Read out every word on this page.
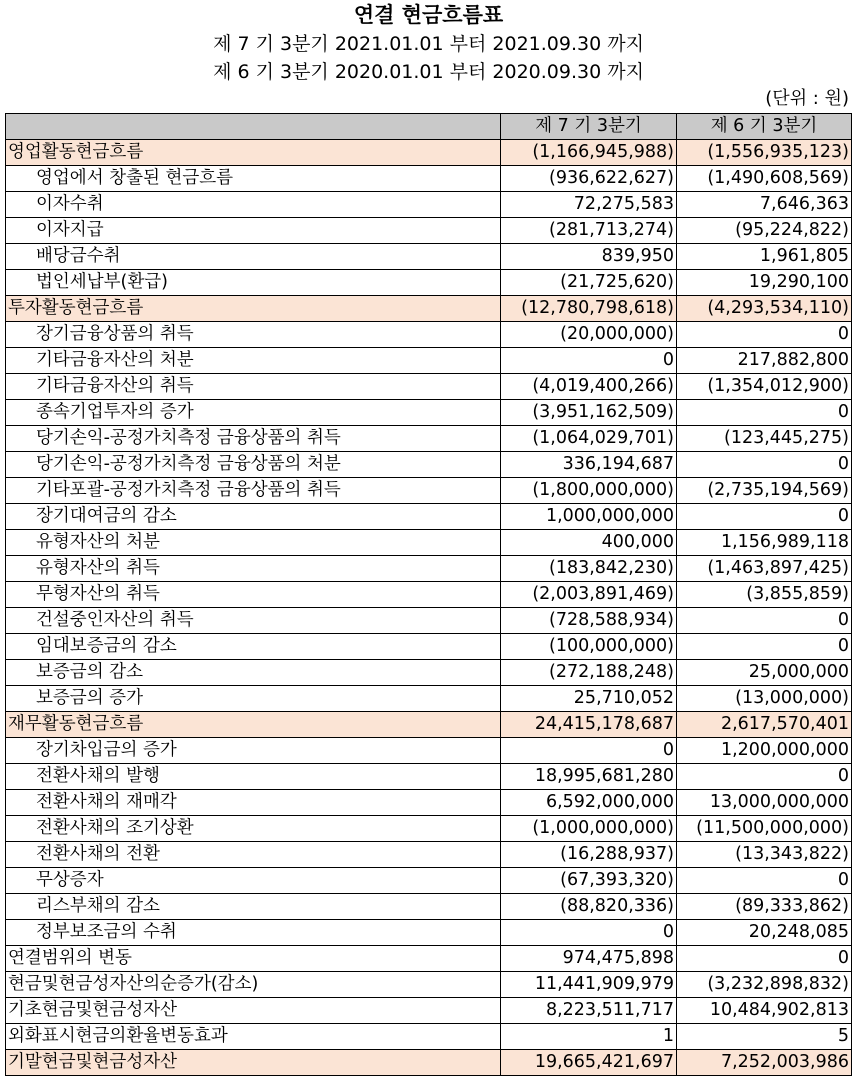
연결 현금흐름표
제 7 기 3분기 2021.01.01 부터 2021.09.30 까지
제 6 기 3분기 2020.01.01 부터 2020.09.30 까지
(단위 : 원)
	제 7 기 3분기	제 6 기 3분기
영업활동현금흐름	(1,166,945,988)	(1,556,935,123)
영업에서 창출된 현금흐름	(936,622,627)	(1,490,608,569)
이자수취	72,275,583	7,646,363
이자지급	(281,713,274)	(95,224,822)
배당금수취	839,950	1,961,805
법인세납부(환급)	(21,725,620)	19,290,100
투자활동현금흐름	(12,780,798,618)	(4,293,534,110)
장기금융상품의 취득	(20,000,000)	0
기타금융자산의 처분	0	217,882,800
기타금융자산의 취득	(4,019,400,266)	(1,354,012,900)
종속기업투자의 증가	(3,951,162,509)	0
당기손익-공정가치측정 금융상품의 취득	(1,064,029,701)	(123,445,275)
당기손익-공정가치측정 금융상품의 처분	336,194,687	0
기타포괄-공정가치측정 금융상품의 취득	(1,800,000,000)	(2,735,194,569)
장기대여금의 감소	1,000,000,000	0
유형자산의 처분	400,000	1,156,989,118
유형자산의 취득	(183,842,230)	(1,463,897,425)
무형자산의 취득	(2,003,891,469)	(3,855,859)
건설중인자산의 취득	(728,588,934)	0
임대보증금의 감소	(100,000,000)	0
보증금의 감소	(272,188,248)	25,000,000
보증금의 증가	25,710,052	(13,000,000)
재무활동현금흐름	24,415,178,687	2,617,570,401
장기차입금의 증가	0	1,200,000,000
전환사채의 발행	18,995,681,280	0
전환사채의 재매각	6,592,000,000	13,000,000,000
전환사채의 조기상환	(1,000,000,000)	(11,500,000,000)
전환사채의 전환	(16,288,937)	(13,343,822)
무상증자	(67,393,320)	0
리스부채의 감소	(88,820,336)	(89,333,862)
정부보조금의 수취	0	20,248,085
연결범위의 변동	974,475,898	0
현금및현금성자산의순증가(감소)	11,441,909,979	(3,232,898,832)
기초현금및현금성자산	8,223,511,717	10,484,902,813
외화표시현금의환율변동효과	1	5
기말현금및현금성자산	19,665,421,697	7,252,003,986
